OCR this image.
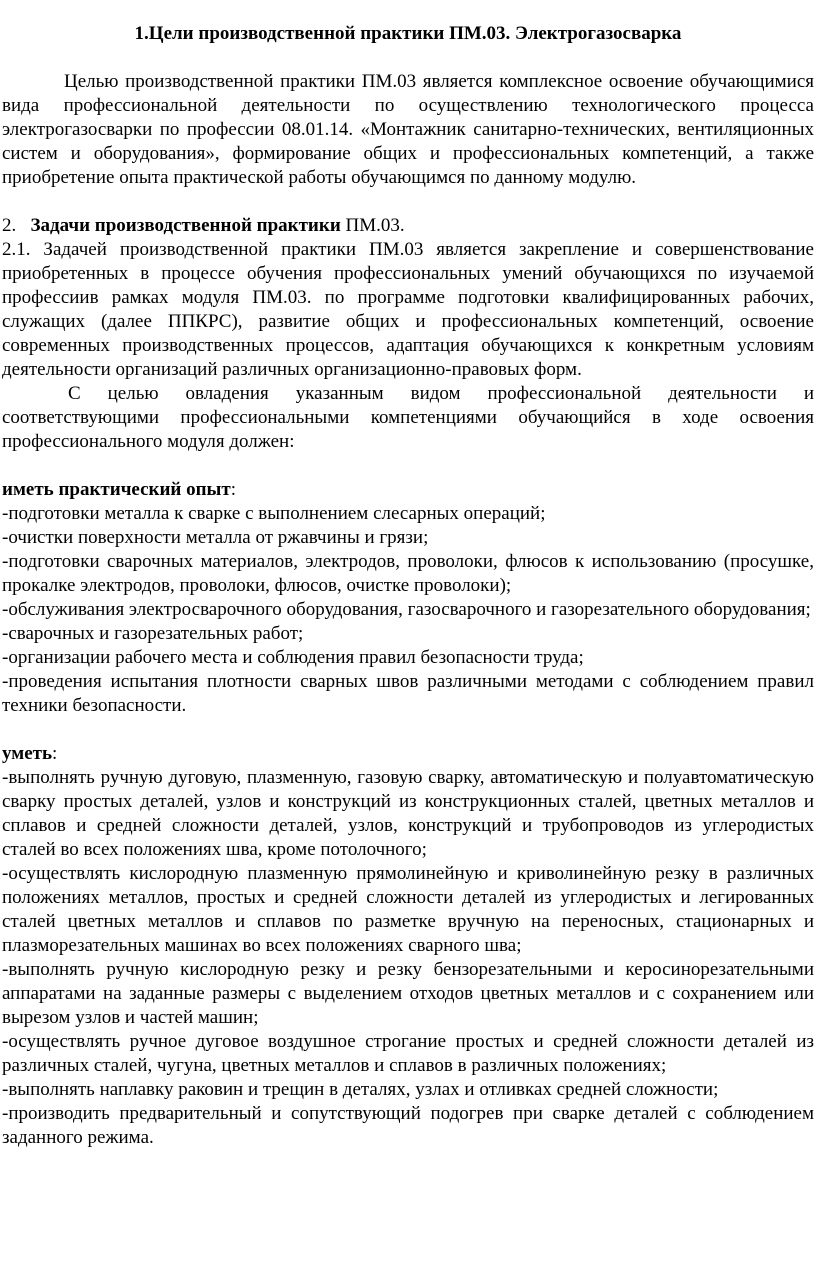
1.Цели производственной практики ПМ.03. Электрогазосварка

Целью производственной практики ПМ.03 является комплексное освоение обучающимися вида профессиональной деятельности по осуществлению технологического процесса электрогазосварки по профессии 08.01.14. «Монтажник санитарно-технических, вентиляционных систем и оборудования», формирование общих и профессиональных компетенций, а также приобретение опыта практической работы обучающимся по данному модулю.

2. Задачи производственной практики ПМ.03.

2.1. Задачей производственной практики ПМ.03 является закрепление и совершенствование приобретенных в процессе обучения профессиональных умений обучающихся по изучаемой профессиив рамках модуля ПМ.03. по программе подготовки квалифицированных рабочих, служащих (далее ППКРС), развитие общих и профессиональных компетенций, освоение современных производственных процессов, адаптация обучающихся к конкретным условиям деятельности организаций различных организационно-правовых форм.

С целью овладения указанным видом профессиональной деятельности и соответствующими профессиональными компетенциями обучающийся в ходе освоения профессионального модуля должен:

иметь практический опыт:

-подготовки металла к сварке с выполнением слесарных операций;

-очистки поверхности металла от ржавчины и грязи;

-подготовки сварочных материалов, электродов, проволоки, флюсов к использованию (просушке, прокалке электродов, проволоки, флюсов, очистке проволоки);

-обслуживания электросварочного оборудования, газосварочного и газорезательного оборудования;

-сварочных и газорезательных работ;

-организации рабочего места и соблюдения правил безопасности труда;

-проведения испытания плотности сварных швов различными методами с соблюдением правил техники безопасности.

уметь:

-выполнять ручную дуговую, плазменную, газовую сварку, автоматическую и полуавтоматическую сварку простых деталей, узлов и конструкций из конструкционных сталей, цветных металлов и сплавов и средней сложности деталей, узлов, конструкций и трубопроводов из углеродистых сталей во всех положениях шва, кроме потолочного;

-осуществлять кислородную плазменную прямолинейную и криволинейную резку в различных положениях металлов, простых и средней сложности деталей из углеродистых и легированных сталей цветных металлов и сплавов по разметке вручную на переносных, стационарных и плазморезательных машинах во всех положениях сварного шва;

-выполнять ручную кислородную резку и резку бензорезательными и керосинорезательными аппаратами на заданные размеры с выделением отходов цветных металлов и с сохранением или вырезом узлов и частей машин;

-осуществлять ручное дуговое воздушное строгание простых и средней сложности деталей из различных сталей, чугуна, цветных металлов и сплавов в различных положениях;

-выполнять наплавку раковин и трещин в деталях, узлах и отливках средней сложности;

-производить предварительный и сопутствующий подогрев при сварке деталей с соблюдением заданного режима.
